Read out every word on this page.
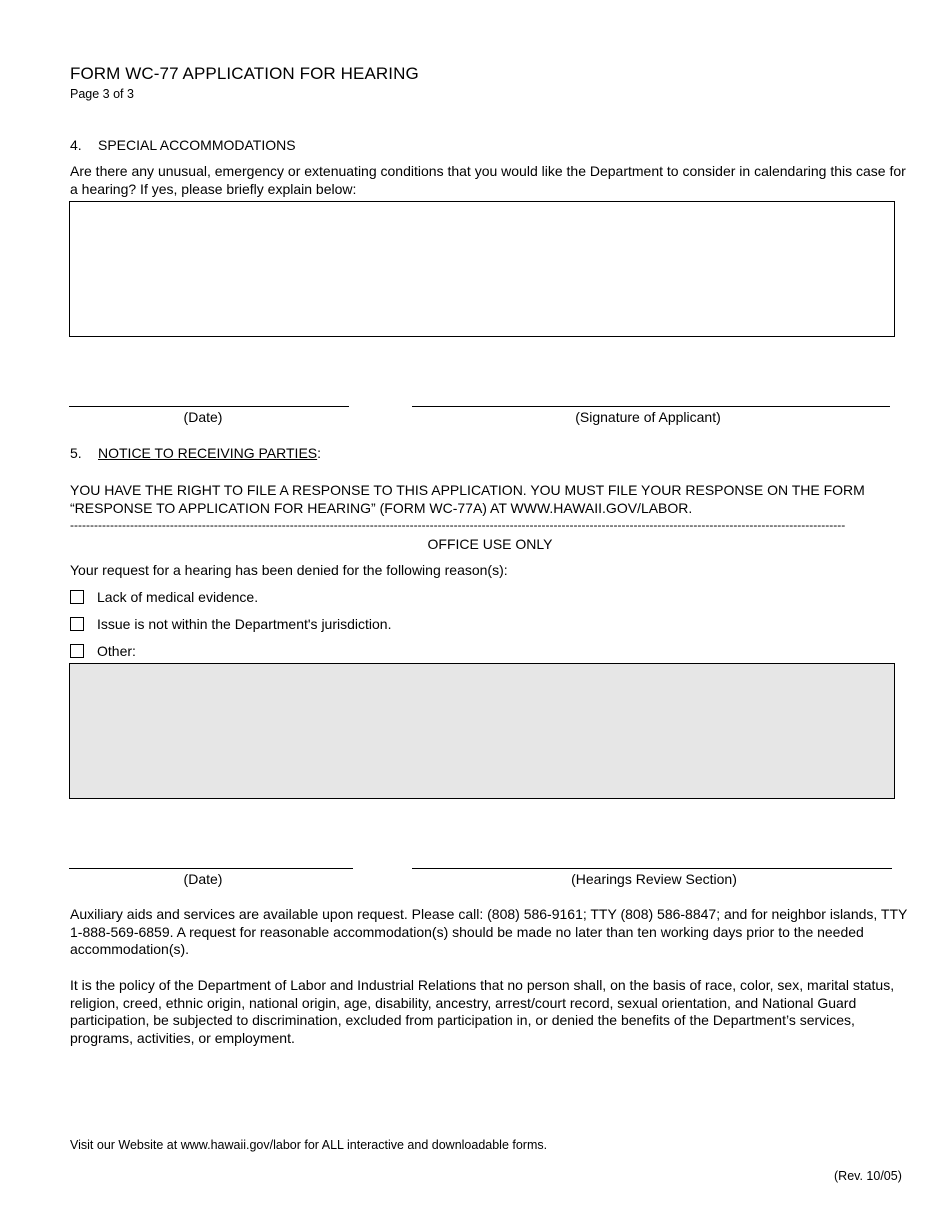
FORM WC-77 APPLICATION FOR HEARING
Page 3 of 3
4. SPECIAL ACCOMMODATIONS
Are there any unusual, emergency or extenuating conditions that you would like the Department to consider in calendaring this case for a hearing? If yes, please briefly explain below:
(Date)	(Signature of Applicant)
5. NOTICE TO RECEIVING PARTIES:
YOU HAVE THE RIGHT TO FILE A RESPONSE TO THIS APPLICATION. YOU MUST FILE YOUR RESPONSE ON THE FORM “RESPONSE TO APPLICATION FOR HEARING” (FORM WC-77A) AT WWW.HAWAII.GOV/LABOR.
--------------------------------------------------------------------------------------------------------------------------------------------------------------------------------------------------
OFFICE USE ONLY
Your request for a hearing has been denied for the following reason(s):
Lack of medical evidence.
Issue is not within the Department's jurisdiction.
Other:
(Date)	(Hearings Review Section)
Auxiliary aids and services are available upon request. Please call: (808) 586-9161; TTY (808) 586-8847; and for neighbor islands, TTY 1-888-569-6859. A request for reasonable accommodation(s) should be made no later than ten working days prior to the needed accommodation(s).
It is the policy of the Department of Labor and Industrial Relations that no person shall, on the basis of race, color, sex, marital status, religion, creed, ethnic origin, national origin, age, disability, ancestry, arrest/court record, sexual orientation, and National Guard participation, be subjected to discrimination, excluded from participation in, or denied the benefits of the Department’s services, programs, activities, or employment.
Visit our Website at www.hawaii.gov/labor for ALL interactive and downloadable forms.
(Rev. 10/05)
